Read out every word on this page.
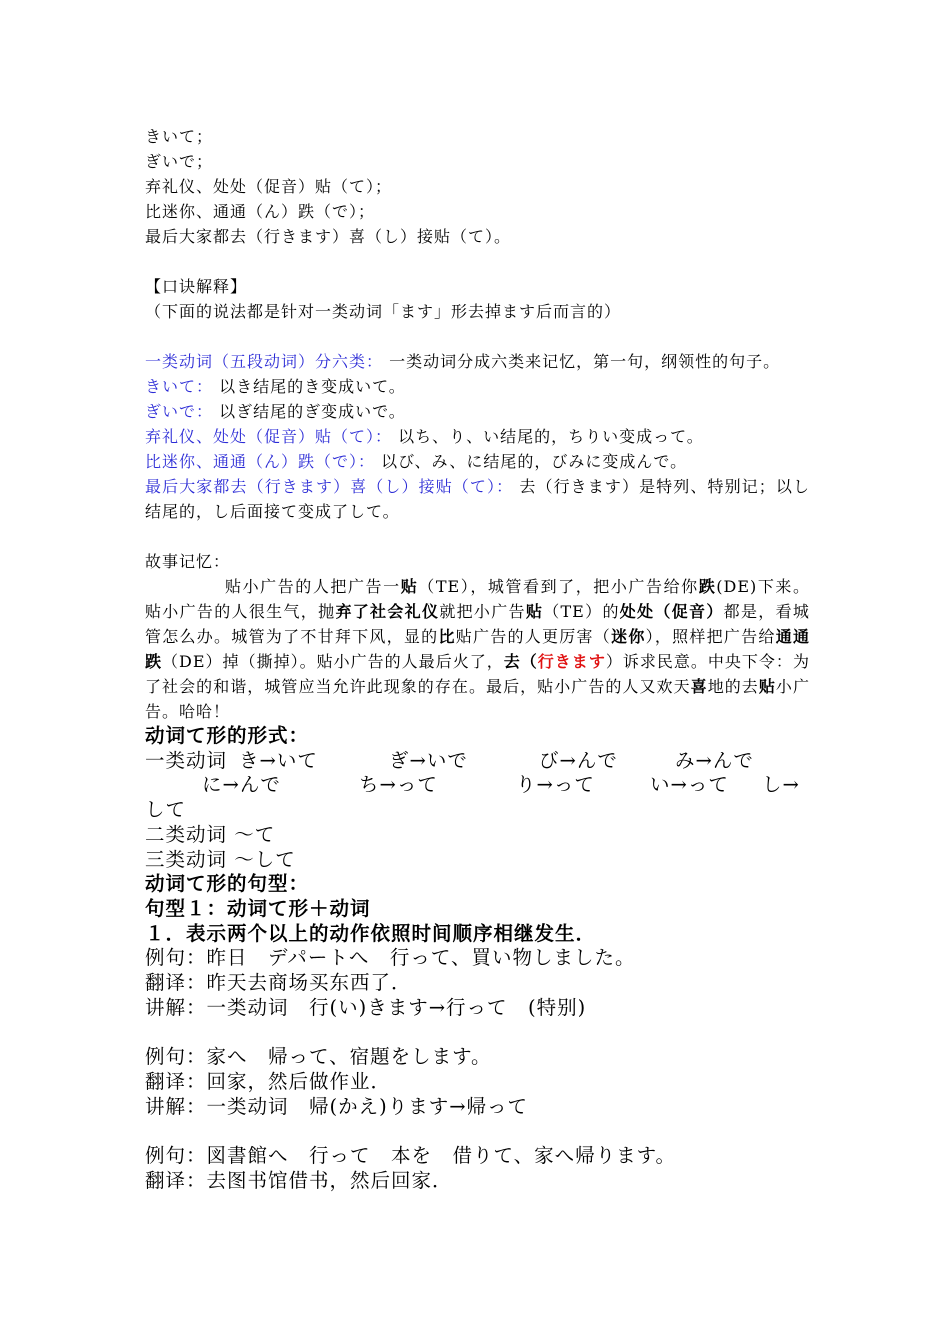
きいて；
ぎいで；
弃礼仪、处处（促音）贴（て）；
比迷你、通通（ん）跌（で）；
最后大家都去（行きます）喜（し）接贴（て）。
【口诀解释】
（下面的说法都是针对一类动词「ます」形去掉ます后而言的）
一类动词（五段动词）分六类： 一类动词分成六类来记忆，第一句，纲领性的句子。
きいて： 以き结尾的き变成いて。
ぎいで： 以ぎ结尾的ぎ变成いで。
弃礼仪、处处（促音）贴（て）： 以ち、り、い结尾的，ちりい变成って。
比迷你、通通（ん）跌（で）： 以び、み、に结尾的，びみに变成んで。
最后大家都去（行きます）喜（し）接贴（て）： 去（行きます）是特列、特别记；以し结尾的，し后面接て变成了して。
故事记忆：
贴小广告的人把广告一贴（TE），城管看到了，把小广告给你跌(DE)下来。 贴小广告的人很生气，抛弃了社会礼仪就把小广告贴（TE）的处处（促音）都是，看城管怎么办。城管为了不甘拜下风，显的比贴广告的人更厉害（迷你），照样把广告给通通跌（DE）掉（撕掉）。贴小广告的人最后火了，去（行きます）诉求民意。中央下令：为了社会的和谐，城管应当允许此现象的存在。最后，贴小广告的人又欢天喜地的去贴小广告。哈哈！
动词て形的形式：
一类动词 き→いて	ぎ→いで	び→んで	み→んで
に→んで	ち→って	り→って	い→って し→
して
二类动词 ～て
三类动词 ～して
动词て形的句型：
句型１：动词て形＋动词
１．表示两个以上的动作依照时间顺序相继发生．
例句：昨日　デパートへ　行って、買い物しました。
翻译：昨天去商场买东西了．
讲解：一类动词　行(い)きます→行って　(特别)
例句：家へ　帰って、宿題をします。
翻译：回家，然后做作业．
讲解：一类动词　帰(かえ)ります→帰って
例句：図書館へ　行って　本を　借りて、家へ帰ります。
翻译：去图书馆借书，然后回家．
